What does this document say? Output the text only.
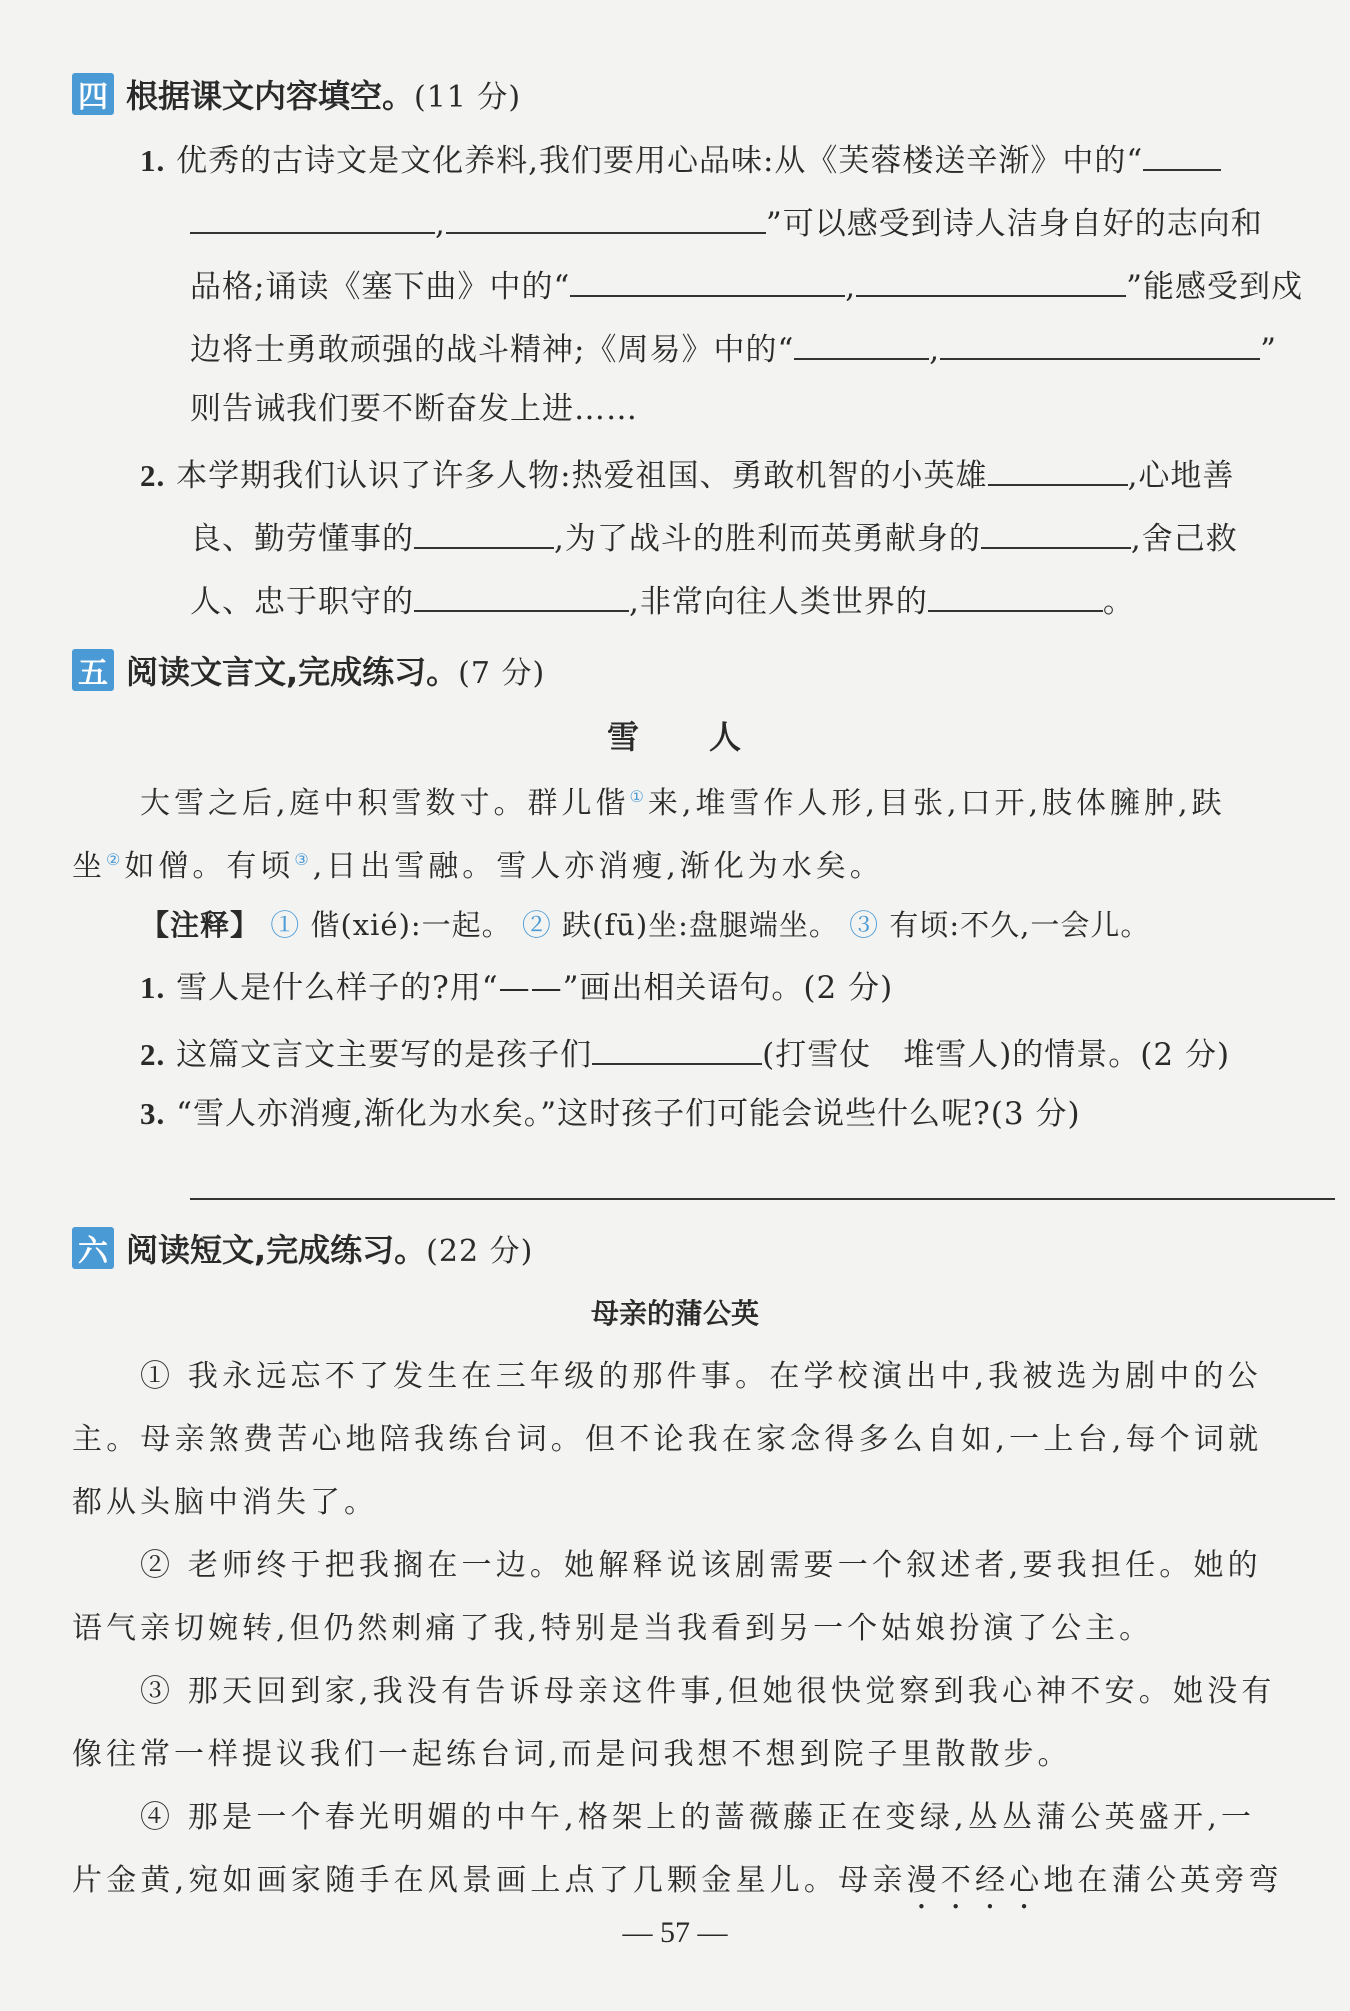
四 根据课文内容填空。 (11 分)
1. 优秀的古诗文是文化养料,我们要用心品味:从《芙蓉楼送辛渐》中的“
,	”可以感受到诗人洁身自好的志向和
品格;诵读《塞下曲》中的“	,	”能感受到戍
边将士勇敢顽强的战斗精神;《周易》中的“	,	”
则告诫我们要不断奋发上进……
2. 本学期我们认识了许多人物:热爱祖国、勇敢机智的小英雄	,心地善
良、勤劳懂事的	,为了战斗的胜利而英勇献身的	,舍己救
人、忠于职守的	,非常向往人类世界的	。
五 阅读文言文,完成练习。 (7 分)
雪　　人
大雪之后,庭中积雪数寸。群儿偕①来,堆雪作人形,目张,口开,肢体臃肿,趺
坐②如僧。有顷③,日出雪融。雪人亦消瘦,渐化为水矣。
【注释】 ① 偕(xié):一起。 ② 趺(fū)坐:盘腿端坐。 ③ 有顷:不久,一会儿。
1. 雪人是什么样子的?用“——”画出相关语句。(2 分)
2. 这篇文言文主要写的是孩子们	(打雪仗　堆雪人)的情景。(2 分)
3. “雪人亦消瘦,渐化为水矣。”这时孩子们可能会说些什么呢?(3 分)
六 阅读短文,完成练习。 (22 分)
母亲的蒲公英
① 我永远忘不了发生在三年级的那件事。在学校演出中,我被选为剧中的公
主。母亲煞费苦心地陪我练台词。但不论我在家念得多么自如,一上台,每个词就
都从头脑中消失了。
② 老师终于把我搁在一边。她解释说该剧需要一个叙述者,要我担任。她的
语气亲切婉转,但仍然刺痛了我,特别是当我看到另一个姑娘扮演了公主。
③ 那天回到家,我没有告诉母亲这件事,但她很快觉察到我心神不安。她没有
像往常一样提议我们一起练台词,而是问我想不想到院子里散散步。
④ 那是一个春光明媚的中午,格架上的蔷薇藤正在变绿,丛丛蒲公英盛开,一
片金黄,宛如画家随手在风景画上点了几颗金星儿。母亲漫不经心地在蒲公英旁弯
— 57 —
